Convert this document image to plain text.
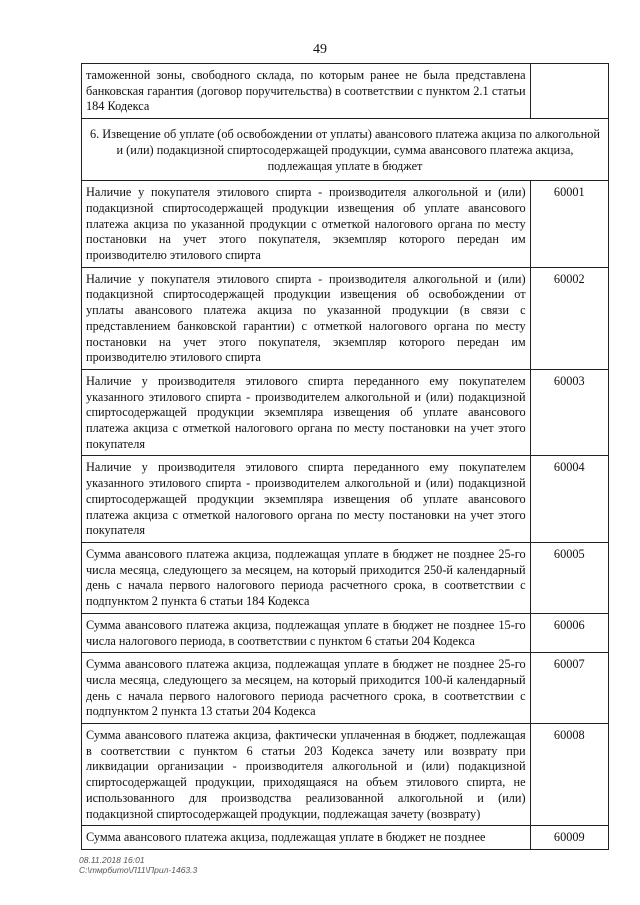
49
таможенной зоны, свободного склада, по которым ранее не была представлена банковская гарантия (договор поручительства) в соответствии с пунктом 2.1 статьи 184 Кодекса	
6. Извещение об уплате (об освобождении от уплаты) авансового платежа акциза по алкогольной и (или) подакцизной спиртосодержащей продукции, сумма авансового платежа акциза, подлежащая уплате в бюджет	
Наличие у покупателя этилового спирта - производителя алкогольной и (или) подакцизной спиртосодержащей продукции извещения об уплате авансового платежа акциза по указанной продукции с отметкой налогового органа по месту постановки на учет этого покупателя, экземпляр которого передан им производителю этилового спирта	60001
Наличие у покупателя этилового спирта - производителя алкогольной и (или) подакцизной спиртосодержащей продукции извещения об освобождении от уплаты авансового платежа акциза по указанной продукции (в связи с представлением банковской гарантии) с отметкой налогового органа по месту постановки на учет этого покупателя, экземпляр которого передан им производителю этилового спирта	60002
Наличие у производителя этилового спирта переданного ему покупателем указанного этилового спирта - производителем алкогольной и (или) подакцизной спиртосодержащей продукции экземпляра извещения об уплате авансового платежа акциза с отметкой налогового органа по месту постановки на учет этого покупателя	60003
Наличие у производителя этилового спирта переданного ему покупателем указанного этилового спирта - производителем алкогольной и (или) подакцизной спиртосодержащей продукции экземпляра извещения об уплате авансового платежа акциза с отметкой налогового органа по месту постановки на учет этого покупателя	60004
Сумма авансового платежа акциза, подлежащая уплате в бюджет не позднее 25-го числа месяца, следующего за месяцем, на который приходится 250-й календарный день с начала первого налогового периода расчетного срока, в соответствии с подпунктом 2 пункта 6 статьи 184 Кодекса	60005
Сумма авансового платежа акциза, подлежащая уплате в бюджет не позднее 15-го числа налогового периода, в соответствии с пунктом 6 статьи 204 Кодекса	60006
Сумма авансового платежа акциза, подлежащая уплате в бюджет не позднее 25-го числа месяца, следующего за месяцем, на который приходится 100-й календарный день с начала первого налогового периода расчетного срока, в соответствии с подпунктом 2 пункта 13 статьи 204 Кодекса	60007
Сумма авансового платежа акциза, фактически уплаченная в бюджет, подлежащая в соответствии с пунктом 6 статьи 203 Кодекса зачету или возврату при ликвидации организации - производителя алкогольной и (или) подакцизной спиртосодержащей продукции, приходящаяся на объем этилового спирта, не использованного для производства реализованной алкогольной и (или) подакцизной спиртосодержащей продукции, подлежащая зачету (возврату)	60008
Сумма авансового платежа акциза, подлежащая уплате в бюджет не позднее	60009
08.11.2018 16:01
C:\тмрбито\Л11\Прил-1463.3
